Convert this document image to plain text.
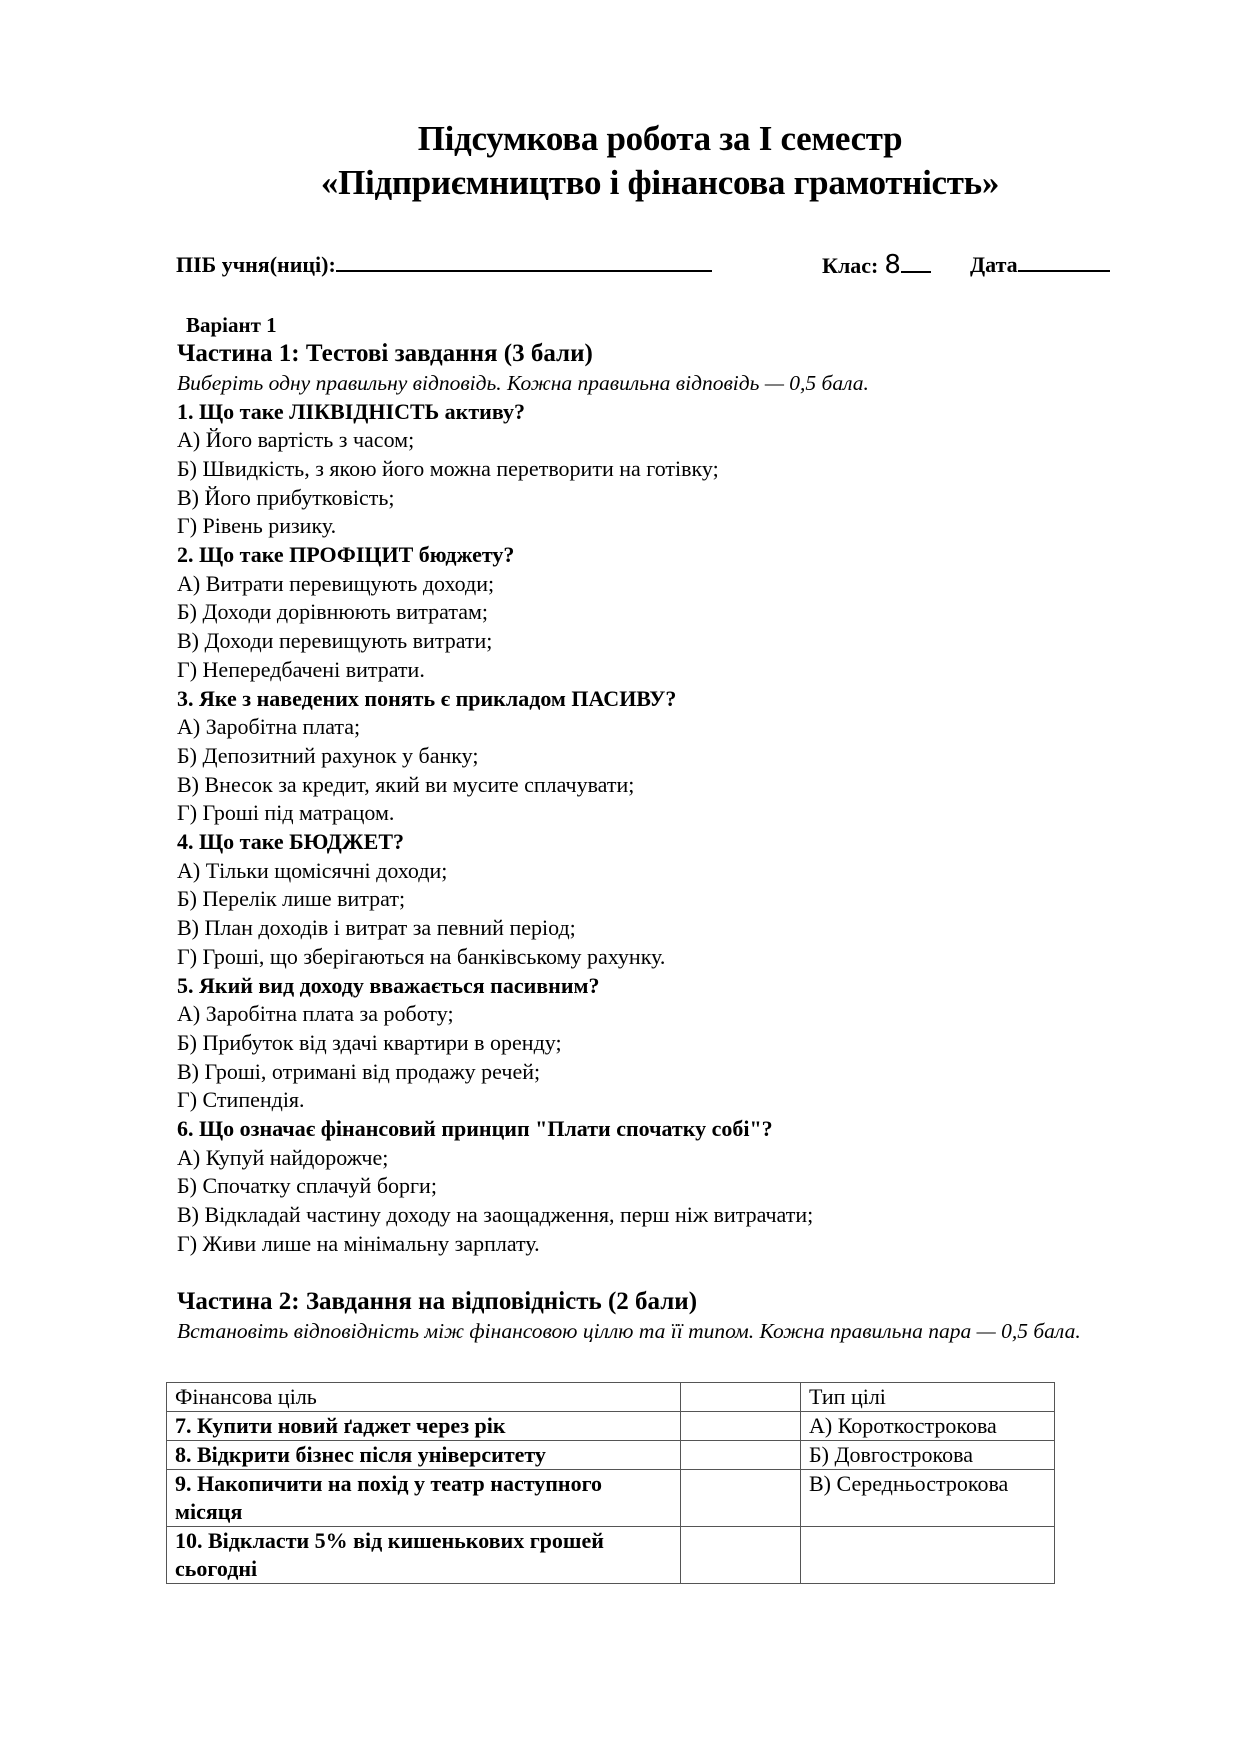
Підсумкова робота за І семестр
«Підприємництво і фінансова грамотність»
ПІБ учня(ниці):	Клас: 8	Дата
Варіант 1
Частина 1: Тестові завдання (3 бали)
Виберіть одну правильну відповідь. Кожна правильна відповідь — 0,5 бала.
1. Що таке ЛІКВІДНІСТЬ активу?
А) Його вартість з часом;
Б) Швидкість, з якою його можна перетворити на готівку;
В) Його прибутковість;
Г) Рівень ризику.
2. Що таке ПРОФІЦИТ бюджету?
А) Витрати перевищують доходи;
Б) Доходи дорівнюють витратам;
В) Доходи перевищують витрати;
Г) Непередбачені витрати.
3. Яке з наведених понять є прикладом ПАСИВУ?
А) Заробітна плата;
Б) Депозитний рахунок у банку;
В) Внесок за кредит, який ви мусите сплачувати;
Г) Гроші під матрацом.
4. Що таке БЮДЖЕТ?
А) Тільки щомісячні доходи;
Б) Перелік лише витрат;
В) План доходів і витрат за певний період;
Г) Гроші, що зберігаються на банківському рахунку.
5. Який вид доходу вважається пасивним?
А) Заробітна плата за роботу;
Б) Прибуток від здачі квартири в оренду;
В) Гроші, отримані від продажу речей;
Г) Стипендія.
6. Що означає фінансовий принцип "Плати спочатку собі"?
А) Купуй найдорожче;
Б) Спочатку сплачуй борги;
В) Відкладай частину доходу на заощадження, перш ніж витрачати;
Г) Живи лише на мінімальну зарплату.
Частина 2: Завдання на відповідність (2 бали)
Встановіть відповідність між фінансовою ціллю та її типом. Кожна правильна пара — 0,5 бала.
Фінансова ціль		Тип цілі
7. Купити новий ґаджет через рік		А) Короткострокова
8. Відкрити бізнес після університету		Б) Довгострокова
9. Накопичити на похід у театр наступного місяця		В) Середньострокова
10. Відкласти 5% від кишенькових грошей сьогодні		
